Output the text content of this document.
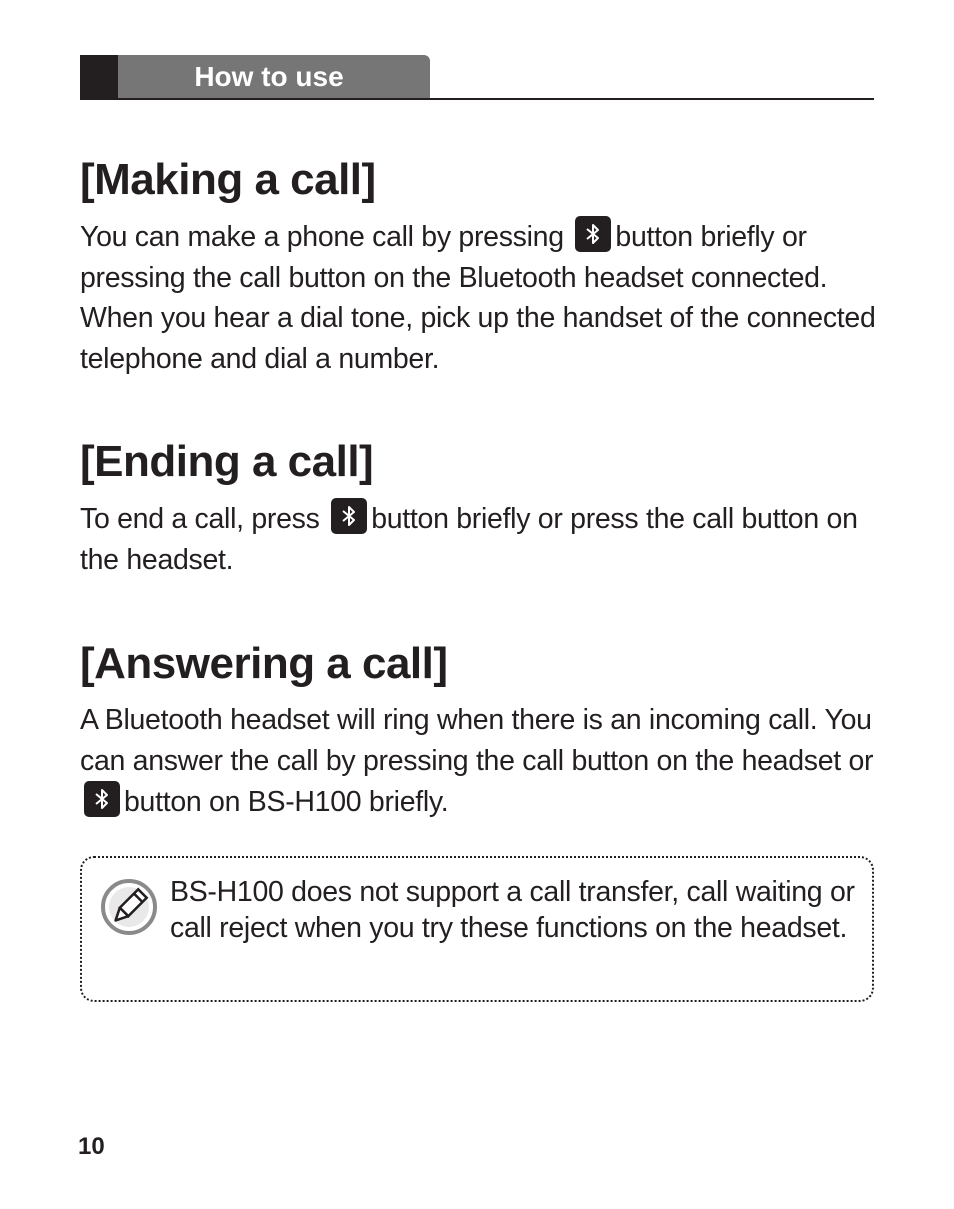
How to use
[Making a call]

You can make a phone call by pressing button briefly or pressing the call button on the Bluetooth headset connected. When you hear a dial tone, pick up the handset of the connected telephone and dial a number.

[Ending a call]

To end a call, press button briefly or press the call button on the headset.

[Answering a call]

A Bluetooth headset will ring when there is an incoming call. You can answer the call by pressing the call button on the headset or
button on BS-H100 briefly.

BS-H100 does not support a call transfer, call waiting or call reject when you try these functions on the headset.
10
